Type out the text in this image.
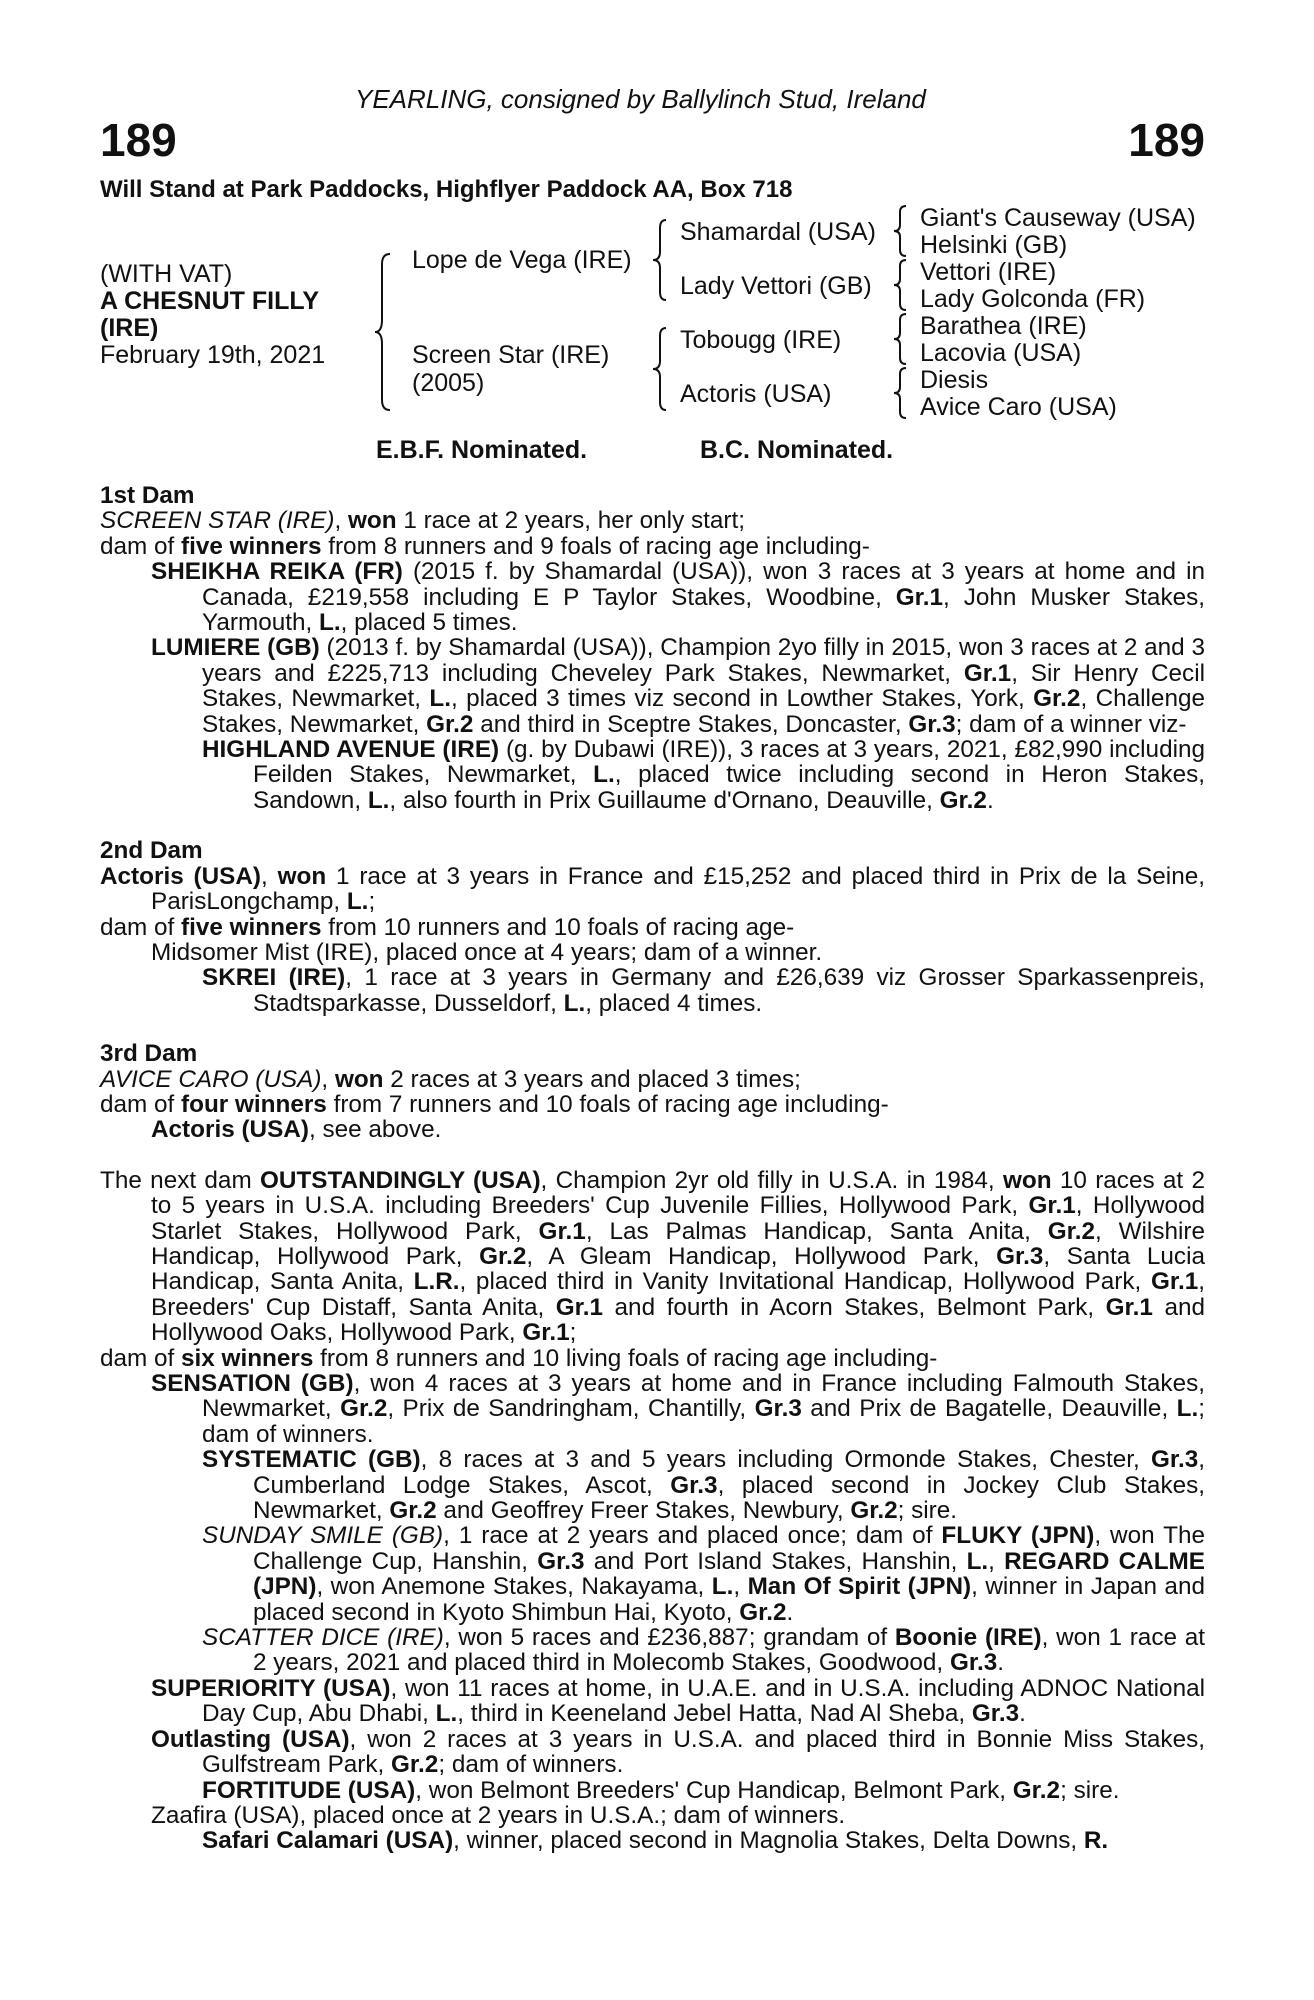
YEARLING, consigned by Ballylinch Stud, Ireland
189	189
Will Stand at Park Paddocks, Highflyer Paddock AA, Box 718
(WITH VAT)
A CHESNUT FILLY
(IRE)
February 19th, 2021
Lope de Vega (IRE)
Screen Star (IRE)
(2005)
Shamardal (USA)
Lady Vettori (GB)
Tobougg (IRE)
Actoris (USA)
Giant's Causeway (USA)
Helsinki (GB)
Vettori (IRE)
Lady Golconda (FR)
Barathea (IRE)
Lacovia (USA)
Diesis
Avice Caro (USA)
E.B.F. Nominated.	B.C. Nominated.
1st Dam
SCREEN STAR (IRE), won 1 race at 2 years, her only start;
dam of five winners from 8 runners and 9 foals of racing age including-
SHEIKHA REIKA (FR) (2015 f. by Shamardal (USA)), won 3 races at 3 years at home and in Canada, £219,558 including E P Taylor Stakes, Woodbine, Gr.1, John Musker Stakes, Yarmouth, L., placed 5 times.
LUMIERE (GB) (2013 f. by Shamardal (USA)), Champion 2yo filly in 2015, won 3 races at 2 and 3 years and £225,713 including Cheveley Park Stakes, Newmarket, Gr.1, Sir Henry Cecil Stakes, Newmarket, L., placed 3 times viz second in Lowther Stakes, York, Gr.2, Challenge Stakes, Newmarket, Gr.2 and third in Sceptre Stakes, Doncaster, Gr.3; dam of a winner viz-
HIGHLAND AVENUE (IRE) (g. by Dubawi (IRE)), 3 races at 3 years, 2021, £82,990 including Feilden Stakes, Newmarket, L., placed twice including second in Heron Stakes, Sandown, L., also fourth in Prix Guillaume d'Ornano, Deauville, Gr.2.
2nd Dam
Actoris (USA), won 1 race at 3 years in France and £15,252 and placed third in Prix de la Seine, ParisLongchamp, L.;
dam of five winners from 10 runners and 10 foals of racing age-
Midsomer Mist (IRE), placed once at 4 years; dam of a winner.
SKREI (IRE), 1 race at 3 years in Germany and £26,639 viz Grosser Sparkassenpreis, Stadtsparkasse, Dusseldorf, L., placed 4 times.
3rd Dam
AVICE CARO (USA), won 2 races at 3 years and placed 3 times;
dam of four winners from 7 runners and 10 foals of racing age including-
Actoris (USA), see above.
The next dam OUTSTANDINGLY (USA), Champion 2yr old filly in U.S.A. in 1984, won 10 races at 2 to 5 years in U.S.A. including Breeders' Cup Juvenile Fillies, Hollywood Park, Gr.1, Hollywood Starlet Stakes, Hollywood Park, Gr.1, Las Palmas Handicap, Santa Anita, Gr.2, Wilshire Handicap, Hollywood Park, Gr.2, A Gleam Handicap, Hollywood Park, Gr.3, Santa Lucia Handicap, Santa Anita, L.R., placed third in Vanity Invitational Handicap, Hollywood Park, Gr.1, Breeders' Cup Distaff, Santa Anita, Gr.1 and fourth in Acorn Stakes, Belmont Park, Gr.1 and Hollywood Oaks, Hollywood Park, Gr.1;
dam of six winners from 8 runners and 10 living foals of racing age including-
SENSATION (GB), won 4 races at 3 years at home and in France including Falmouth Stakes, Newmarket, Gr.2, Prix de Sandringham, Chantilly, Gr.3 and Prix de Bagatelle, Deauville, L.; dam of winners.
SYSTEMATIC (GB), 8 races at 3 and 5 years including Ormonde Stakes, Chester, Gr.3, Cumberland Lodge Stakes, Ascot, Gr.3, placed second in Jockey Club Stakes, Newmarket, Gr.2 and Geoffrey Freer Stakes, Newbury, Gr.2; sire.
SUNDAY SMILE (GB), 1 race at 2 years and placed once; dam of FLUKY (JPN), won The Challenge Cup, Hanshin, Gr.3 and Port Island Stakes, Hanshin, L., REGARD CALME (JPN), won Anemone Stakes, Nakayama, L., Man Of Spirit (JPN), winner in Japan and placed second in Kyoto Shimbun Hai, Kyoto, Gr.2.
SCATTER DICE (IRE), won 5 races and £236,887; grandam of Boonie (IRE), won 1 race at 2 years, 2021 and placed third in Molecomb Stakes, Goodwood, Gr.3.
SUPERIORITY (USA), won 11 races at home, in U.A.E. and in U.S.A. including ADNOC National Day Cup, Abu Dhabi, L., third in Keeneland Jebel Hatta, Nad Al Sheba, Gr.3.
Outlasting (USA), won 2 races at 3 years in U.S.A. and placed third in Bonnie Miss Stakes, Gulfstream Park, Gr.2; dam of winners.
FORTITUDE (USA), won Belmont Breeders' Cup Handicap, Belmont Park, Gr.2; sire.
Zaafira (USA), placed once at 2 years in U.S.A.; dam of winners.
Safari Calamari (USA), winner, placed second in Magnolia Stakes, Delta Downs, R.
